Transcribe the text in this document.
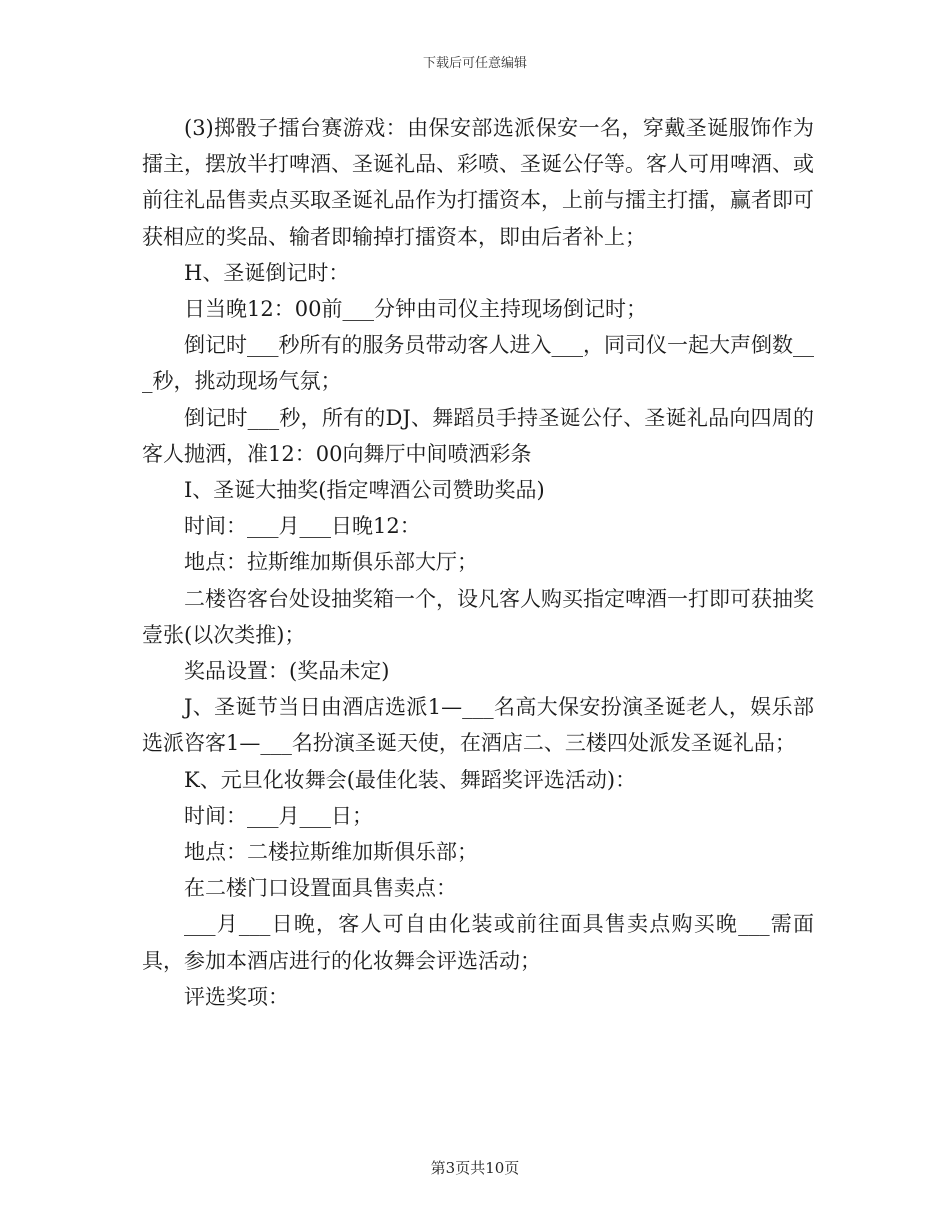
下载后可任意编辑

(3)掷骰子擂台赛游戏：由保安部选派保安一名，穿戴圣诞服饰作为擂主，摆放半打啤酒、圣诞礼品、彩喷、圣诞公仔等。客人可用啤酒、或前往礼品售卖点买取圣诞礼品作为打擂资本，上前与擂主打擂，赢者即可获相应的奖品、输者即输掉打擂资本，即由后者补上；

H、圣诞倒记时：

日当晚12：00前___分钟由司仪主持现场倒记时；

倒记时___秒所有的服务员带动客人进入___，同司仪一起大声倒数___秒，挑动现场气氛；

倒记时___秒，所有的DJ、舞蹈员手持圣诞公仔、圣诞礼品向四周的客人抛洒，准12：00向舞厅中间喷洒彩条

I、圣诞大抽奖(指定啤酒公司赞助奖品)

时间：___月___日晚12：

地点：拉斯维加斯俱乐部大厅；

二楼咨客台处设抽奖箱一个，设凡客人购买指定啤酒一打即可获抽奖壹张(以次类推)；

奖品设置：(奖品未定)

J、圣诞节当日由酒店选派1—___名高大保安扮演圣诞老人，娱乐部选派咨客1—___名扮演圣诞天使，在酒店二、三楼四处派发圣诞礼品；

K、元旦化妆舞会(最佳化装、舞蹈奖评选活动)：

时间：___月___日；

地点：二楼拉斯维加斯俱乐部；

在二楼门口设置面具售卖点：

___月___日晚，客人可自由化装或前往面具售卖点购买晚___需面具，参加本酒店进行的化妆舞会评选活动；

评选奖项：

第3页共10页
